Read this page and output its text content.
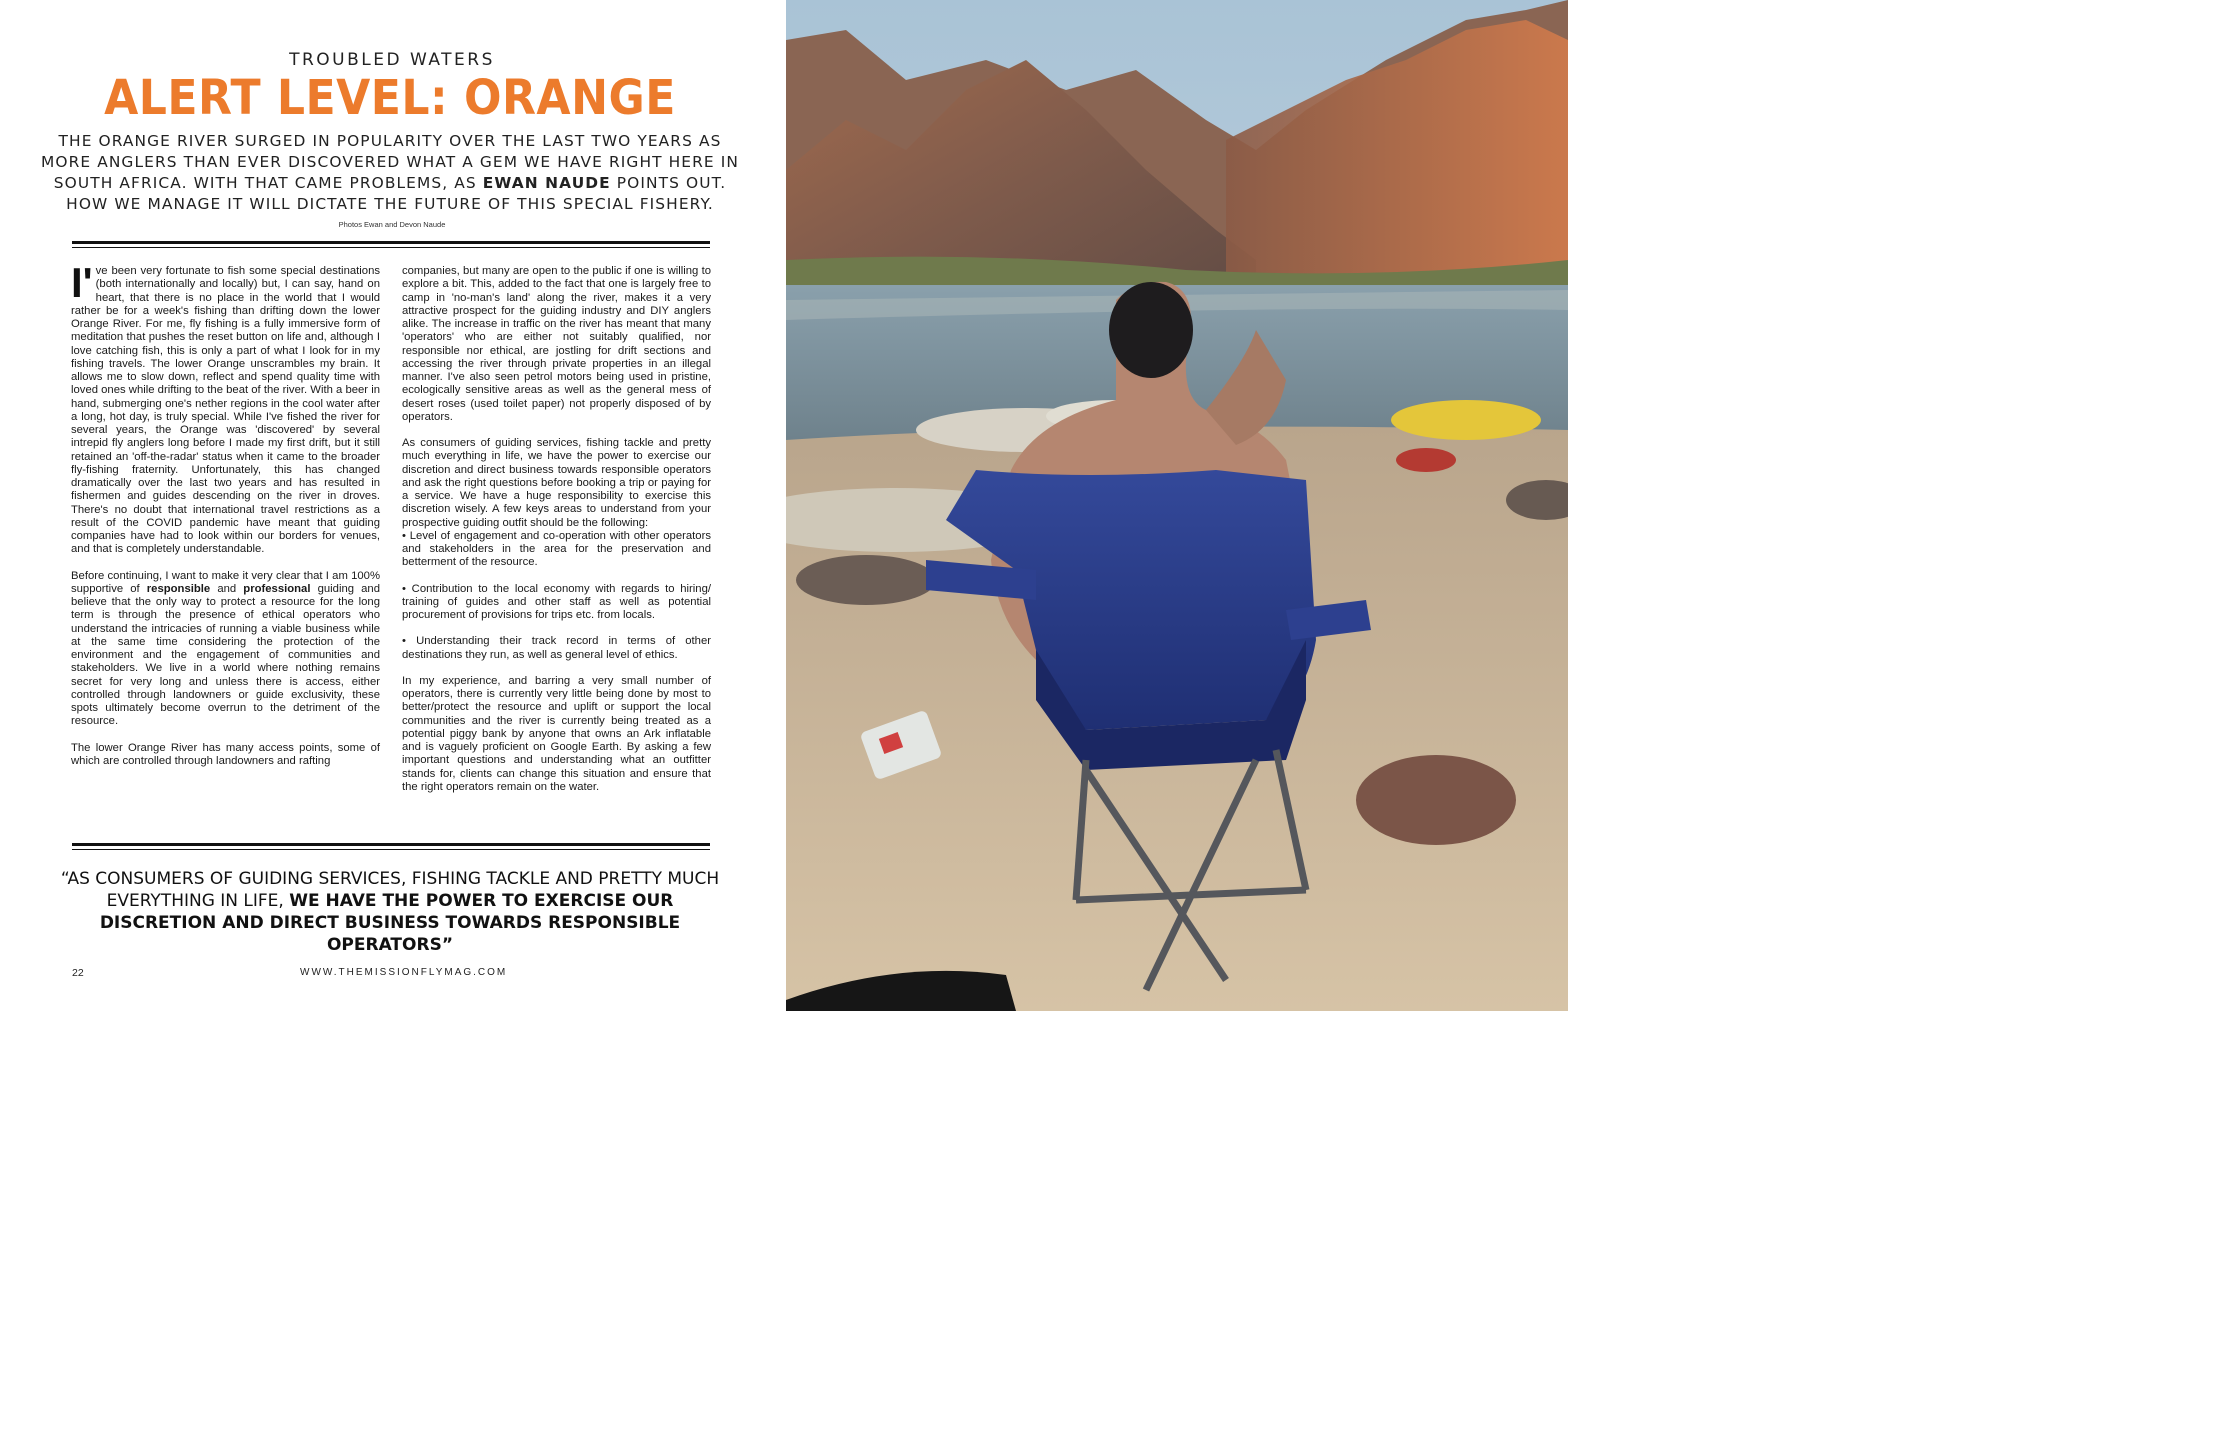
TROUBLED WATERS
ALERT LEVEL: ORANGE
THE ORANGE RIVER SURGED IN POPULARITY OVER THE LAST TWO YEARS AS MORE ANGLERS THAN EVER DISCOVERED WHAT A GEM WE HAVE RIGHT HERE IN SOUTH AFRICA. WITH THAT CAME PROBLEMS, AS EWAN NAUDE POINTS OUT. HOW WE MANAGE IT WILL DICTATE THE FUTURE OF THIS SPECIAL FISHERY.
Photos Ewan and Devon Naude

I've been very fortunate to fish some special destinations (both internationally and locally) but, I can say, hand on heart, that there is no place in the world that I would rather be for a week's fishing than drifting down the lower Orange River. For me, fly fishing is a fully immersive form of meditation that pushes the reset button on life and, although I love catching fish, this is only a part of what I look for in my fishing travels. The lower Orange unscrambles my brain. It allows me to slow down, reflect and spend quality time with loved ones while drifting to the beat of the river. With a beer in hand, submerging one's nether regions in the cool water after a long, hot day, is truly special. While I've fished the river for several years, the Orange was 'discovered' by several intrepid fly anglers long before I made my first drift, but it still retained an 'off-the-radar' status when it came to the broader fly-fishing fraternity. Unfortunately, this has changed dramatically over the last two years and has resulted in fishermen and guides descending on the river in droves. There's no doubt that international travel restrictions as a result of the COVID pandemic have meant that guiding companies have had to look within our borders for venues, and that is completely understandable.

Before continuing, I want to make it very clear that I am 100% supportive of responsible and professional guiding and believe that the only way to protect a resource for the long term is through the presence of ethical operators who understand the intricacies of running a viable business while at the same time considering the protection of the environment and the engagement of communities and stakeholders. We live in a world where nothing remains secret for very long and unless there is access, either controlled through landowners or guide exclusivity, these spots ultimately become overrun to the detriment of the resource.

The lower Orange River has many access points, some of which are controlled through landowners and rafting

companies, but many are open to the public if one is willing to explore a bit. This, added to the fact that one is largely free to camp in 'no-man's land' along the river, makes it a very attractive prospect for the guiding industry and DIY anglers alike. The increase in traffic on the river has meant that many 'operators' who are either not suitably qualified, nor responsible nor ethical, are jostling for drift sections and accessing the river through private properties in an illegal manner. I've also seen petrol motors being used in pristine, ecologically sensitive areas as well as the general mess of desert roses (used toilet paper) not properly disposed of by operators.

As consumers of guiding services, fishing tackle and pretty much everything in life, we have the power to exercise our discretion and direct business towards responsible operators and ask the right questions before booking a trip or paying for a service. We have a huge responsibility to exercise this discretion wisely. A few keys areas to understand from your prospective guiding outfit should be the following:

• Level of engagement and co-operation with other operators and stakeholders in the area for the preservation and betterment of the resource.

• Contribution to the local economy with regards to hiring/ training of guides and other staff as well as potential procurement of provisions for trips etc. from locals.

• Understanding their track record in terms of other destinations they run, as well as general level of ethics.

In my experience, and barring a very small number of operators, there is currently very little being done by most to better/protect the resource and uplift or support the local communities and the river is currently being treated as a potential piggy bank by anyone that owns an Ark inflatable and is vaguely proficient on Google Earth. By asking a few important questions and understanding what an outfitter stands for, clients can change this situation and ensure that the right operators remain on the water.

“AS CONSUMERS OF GUIDING SERVICES, FISHING TACKLE AND PRETTY MUCH EVERYTHING IN LIFE, WE HAVE THE POWER TO EXERCISE OUR DISCRETION AND DIRECT BUSINESS TOWARDS RESPONSIBLE OPERATORS”
22	WWW.THEMISSIONFLYMAG.COM
